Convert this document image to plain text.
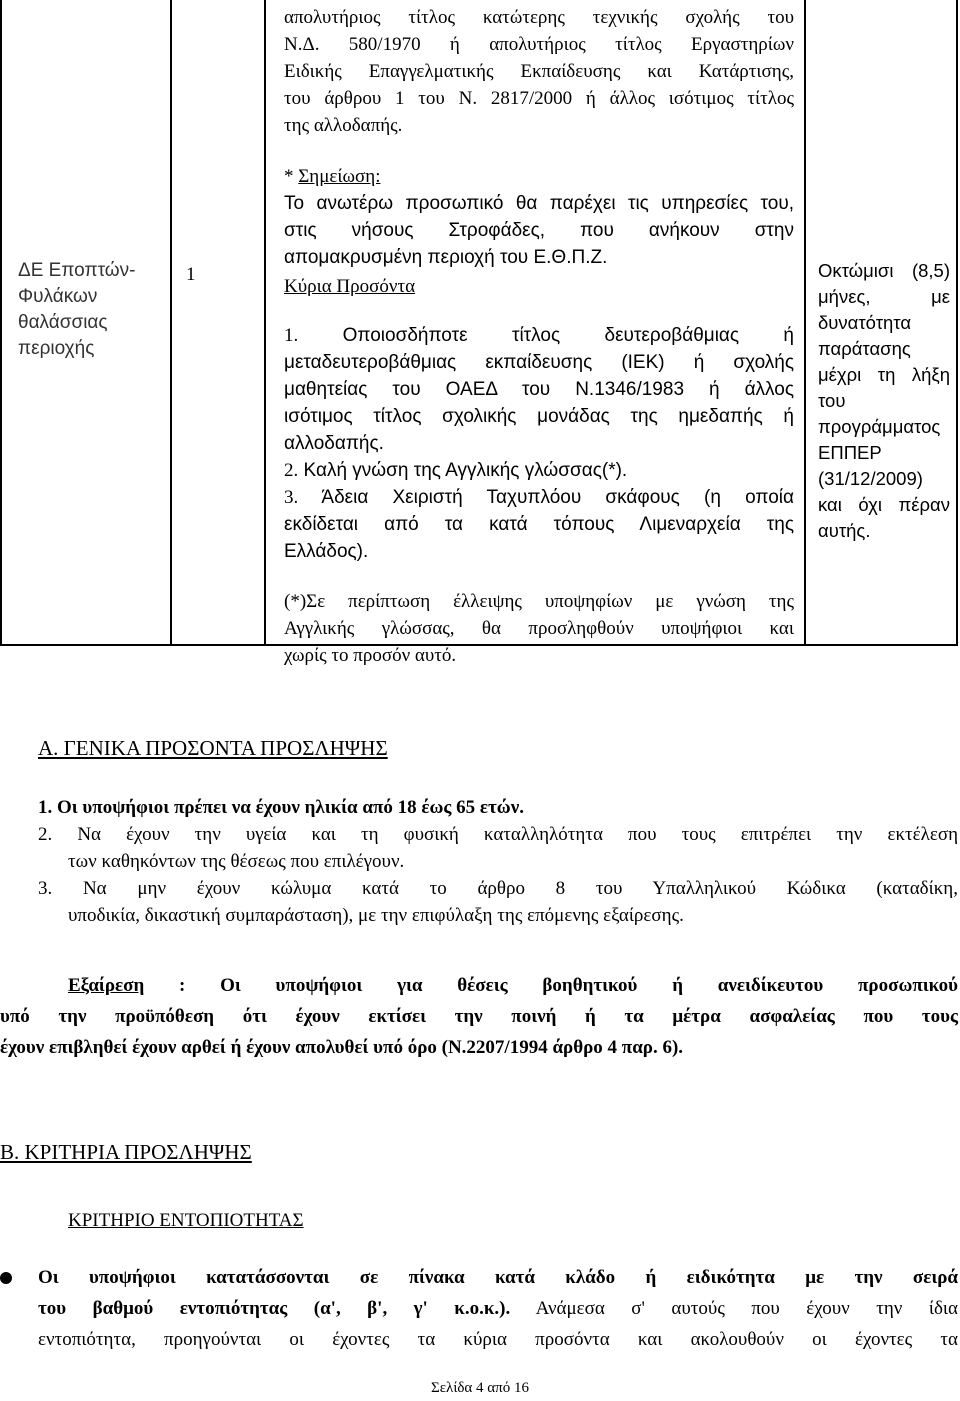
ΔΕ Εποπτών-Φυλάκων θαλάσσιας περιοχής
1

απολυτήριος τίτλος κατώτερης τεχνικής σχολής του

Ν.Δ. 580/1970 ή απολυτήριος τίτλος Εργαστηρίων

Ειδικής Επαγγελματικής Εκπαίδευσης και Κατάρτισης,

του άρθρου 1 του Ν. 2817/2000 ή άλλος ισότιμος τίτλος

της αλλοδαπής.

* Σημείωση:

Το ανωτέρω προσωπικό θα παρέχει τις υπηρεσίες του,

στις νήσους Στροφάδες, που ανήκουν στην

απομακρυσμένη περιοχή του Ε.Θ.Π.Ζ.

Κύρια Προσόντα

1. Οποιοσδήποτε τίτλος δευτεροβάθμιας ή

μεταδευτεροβάθμιας εκπαίδευσης (ΙΕΚ) ή σχολής

μαθητείας του ΟΑΕΔ του Ν.1346/1983 ή άλλος

ισότιμος τίτλος σχολικής μονάδας της ημεδαπής ή

αλλοδαπής.

2. Καλή γνώση της Αγγλικής γλώσσας(*).

3. Άδεια Χειριστή Ταχυπλόου σκάφους (η οποία

εκδίδεται από τα κατά τόπους Λιμεναρχεία της

Ελλάδος).

(*)Σε περίπτωση έλλειψης υποψηφίων με γνώση της

Αγγλικής γλώσσας, θα προσληφθούν υποψήφιοι και

χωρίς το προσόν αυτό.

Οκτώμισι (8,5) μήνες, με δυνατότητα παράτασης μέχρι τη λήξη του προγράμματος ΕΠΠΕΡ (31/12/2009) και όχι πέραν αυτής.
Α. ΓΕΝΙΚΑ ΠΡΟΣΟΝΤΑ ΠΡΟΣΛΗΨΗΣ

1. Οι υποψήφιοι πρέπει να έχουν ηλικία από 18 έως 65 ετών.

2. Να έχουν την υγεία και τη φυσική καταλληλότητα που τους επιτρέπει την εκτέλεση

των καθηκόντων της θέσεως που επιλέγουν.

3. Να μην έχουν κώλυμα κατά το άρθρο 8 του Υπαλληλικού Κώδικα (καταδίκη,

υποδικία, δικαστική συμπαράσταση), με την επιφύλαξη της επόμενης εξαίρεσης.

Εξαίρεση : Οι υποψήφιοι για θέσεις βοηθητικού ή ανειδίκευτου προσωπικού

υπό την προϋπόθεση ότι έχουν εκτίσει την ποινή ή τα μέτρα ασφαλείας που τους

έχουν επιβληθεί έχουν αρθεί ή έχουν απολυθεί υπό όρο (Ν.2207/1994 άρθρο 4 παρ. 6).

Β. ΚΡΙΤΗΡΙΑ ΠΡΟΣΛΗΨΗΣ
ΚΡΙΤΗΡΙΟ ΕΝΤΟΠΙΟΤΗΤΑΣ

Οι υποψήφιοι κατατάσσονται σε πίνακα κατά κλάδο ή ειδικότητα με την σειρά

του βαθμού εντοπιότητας (α', β', γ' κ.ο.κ.). Ανάμεσα σ' αυτούς που έχουν την ίδια

εντοπιότητα, προηγούνται οι έχοντες τα κύρια προσόντα και ακολουθούν οι έχοντες τα

Σελίδα 4 από 16
